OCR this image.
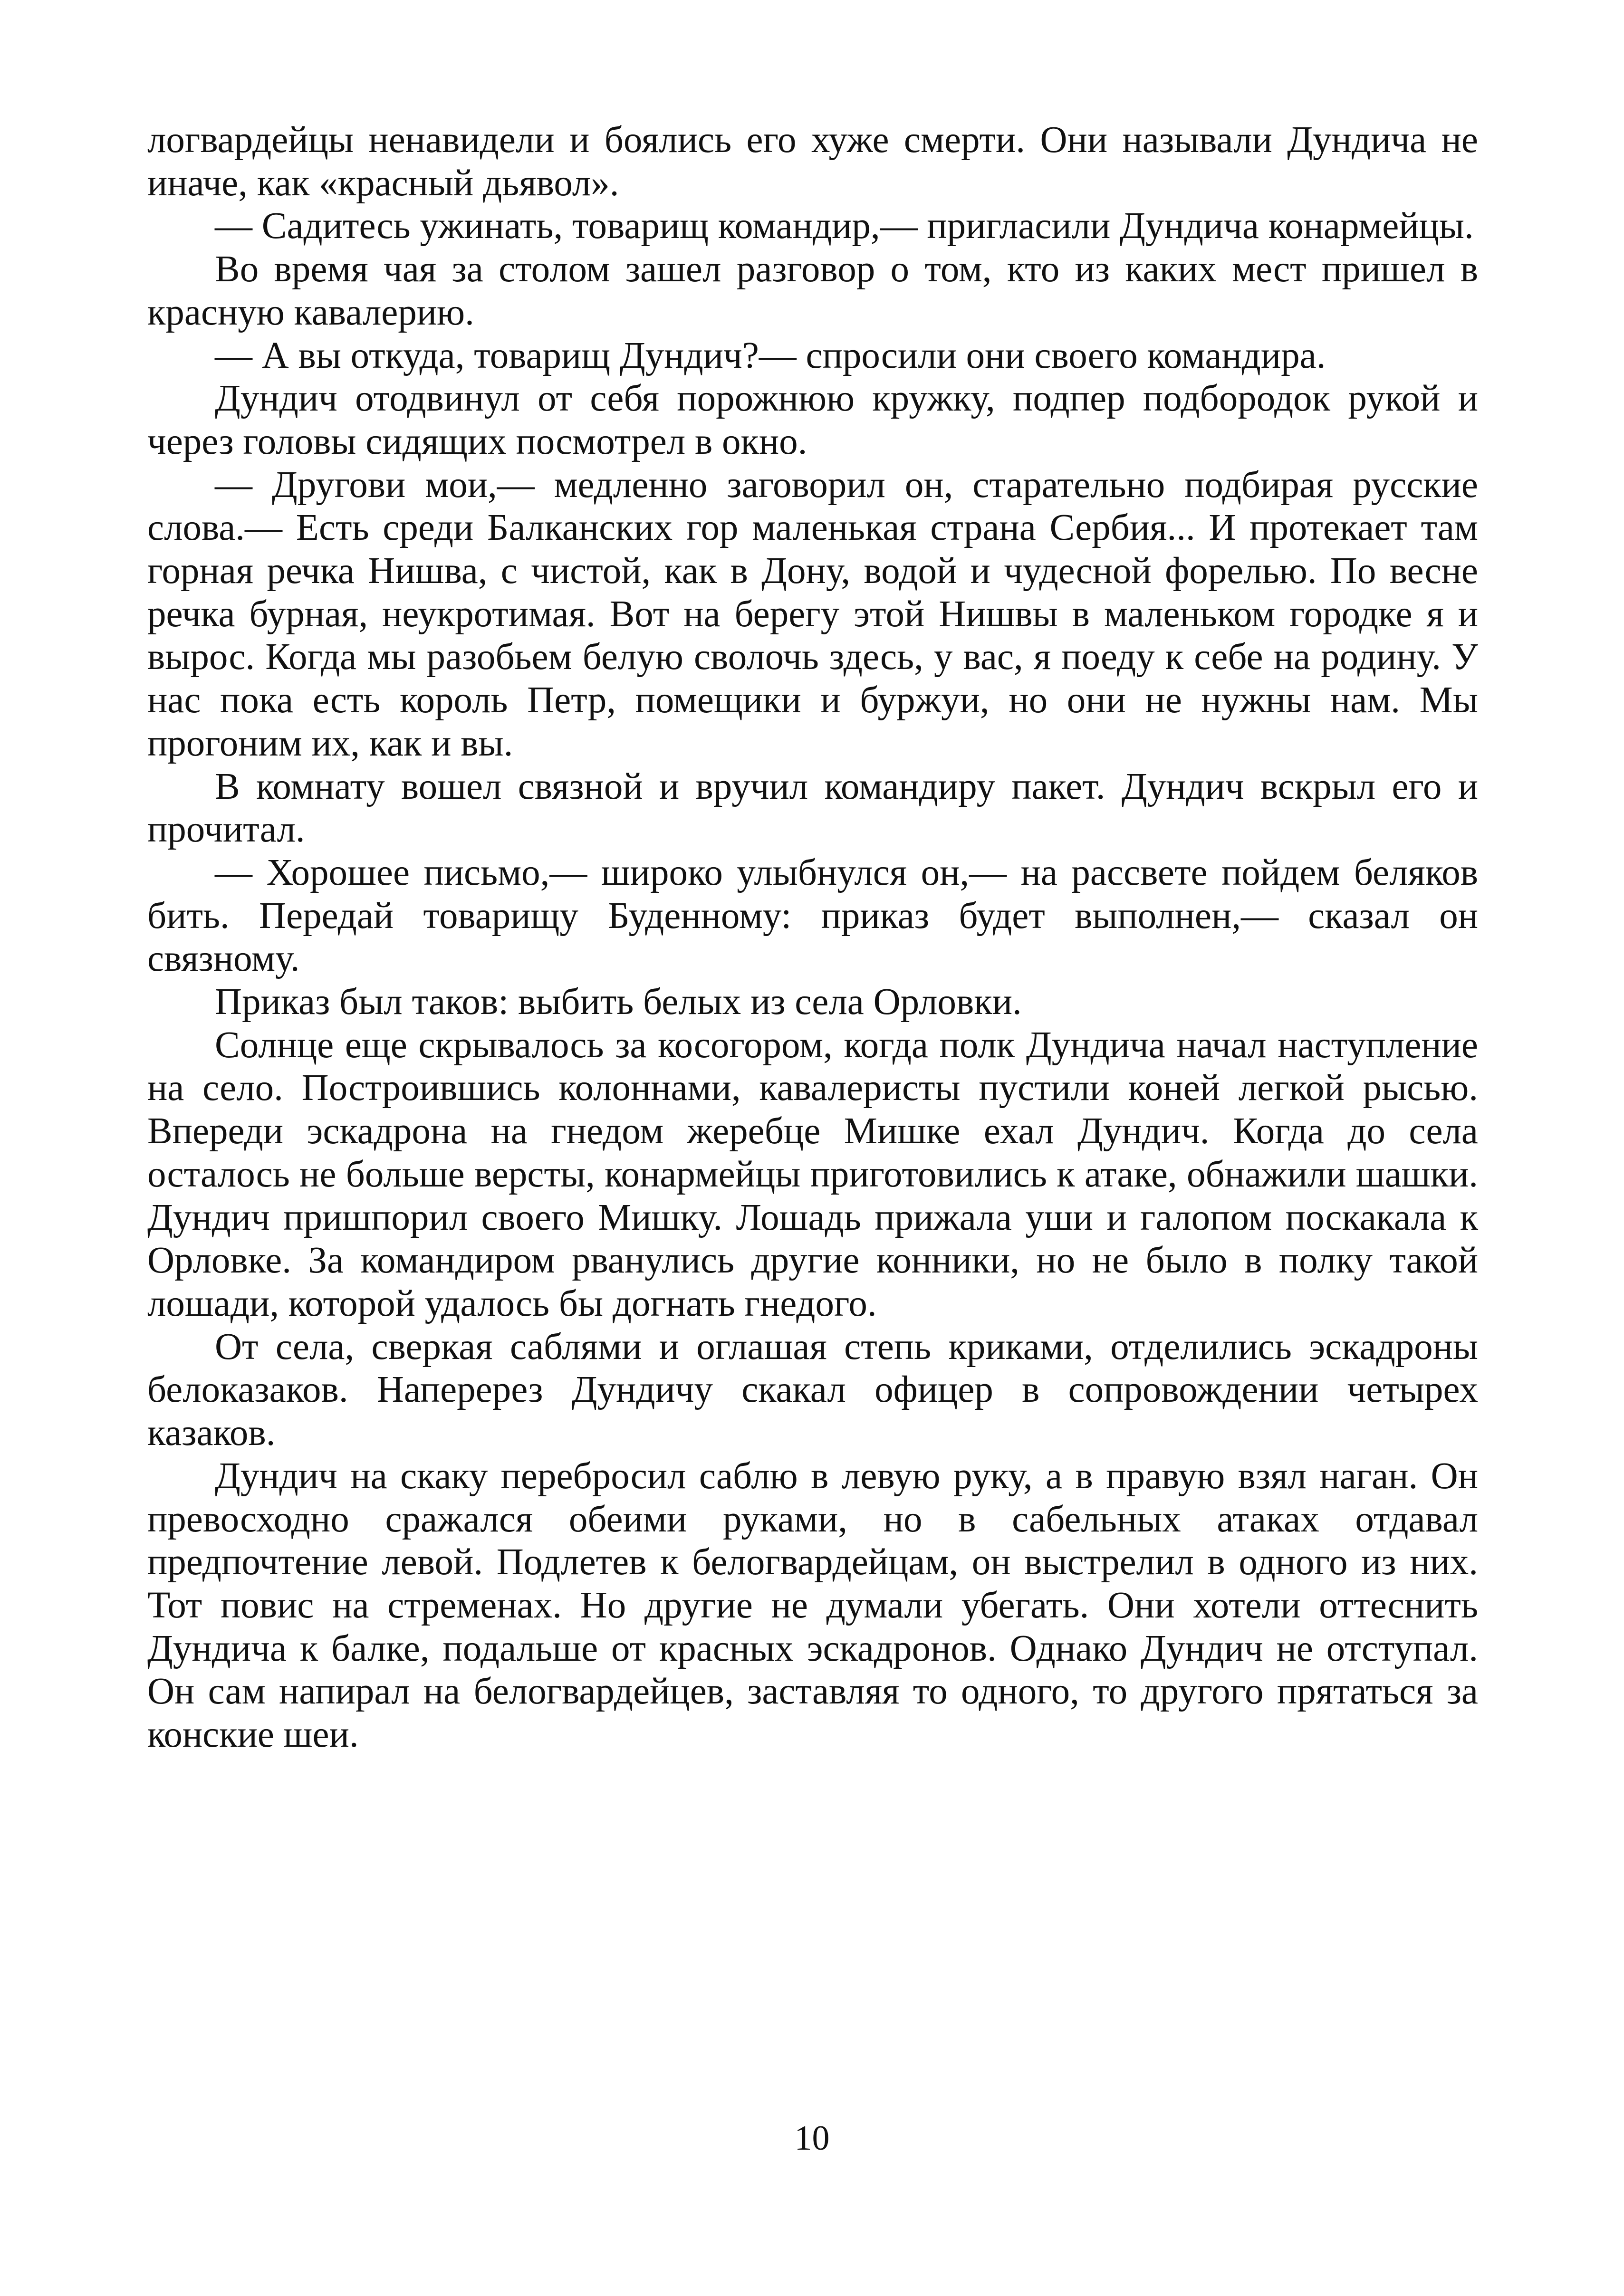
логвардейцы ненавидели и боялись его хуже смерти. Они называли Дундича не иначе, как «красный дьявол».

— Садитесь ужинать, товарищ командир,— пригласили Дундича конармейцы.

Во время чая за столом зашел разговор о том, кто из каких мест пришел в красную кавалерию.

— А вы откуда, товарищ Дундич?— спросили они своего командира.

Дундич отодвинул от себя порожнюю кружку, подпер подбородок рукой и через головы сидящих посмотрел в окно.

— Другови мои,— медленно заговорил он, старательно подбирая русские слова.— Есть среди Балканских гор маленькая страна Сербия... И протекает там горная речка Нишва, с чистой, как в Дону, водой и чудесной форелью. По весне речка бурная, неукротимая. Вот на берегу этой Нишвы в маленьком городке я и вырос. Когда мы разобьем белую сволочь здесь, у вас, я поеду к себе на родину. У нас пока есть король Петр, помещики и буржуи, но они не нужны нам. Мы прогоним их, как и вы.

В комнату вошел связной и вручил командиру пакет. Дундич вскрыл его и прочитал.

— Хорошее письмо,— широко улыбнулся он,— на рассвете пойдем беляков бить. Передай товарищу Буденному: приказ будет выполнен,— сказал он связному.

Приказ был таков: выбить белых из села Орловки.

Солнце еще скрывалось за косогором, когда полк Дундича начал наступление на село. Построившись колоннами, кавалеристы пустили коней легкой рысью. Впереди эскадрона на гнедом жеребце Мишке ехал Дундич. Когда до села осталось не больше версты, конармейцы приготовились к атаке, обнажили шашки. Дундич пришпорил своего Мишку. Лошадь прижала уши и галопом поскакала к Орловке. За командиром рванулись другие конники, но не было в полку такой лошади, которой удалось бы догнать гнедого.

От села, сверкая саблями и оглашая степь криками, отделились эскадроны белоказаков. Наперерез Дундичу скакал офицер в сопровождении четырех казаков.

Дундич на скаку перебросил саблю в левую руку, а в правую взял наган. Он превосходно сражался обеими руками, но в сабельных атаках отдавал предпочтение левой. Подлетев к белогвардейцам, он выстрелил в одного из них. Тот повис на стременах. Но другие не думали убегать. Они хотели оттеснить Дундича к балке, подальше от красных эскадронов. Однако Дундич не отступал. Он сам напирал на белогвардейцев, заставляя то одного, то другого прятаться за конские шеи.

10
